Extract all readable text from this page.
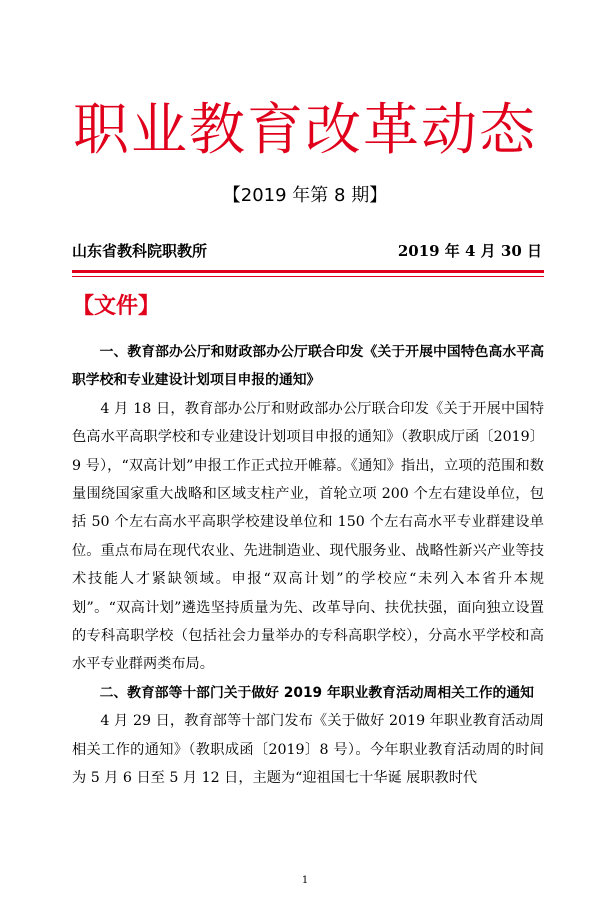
职业教育改革动态
【2019 年第 8 期】
山东省教科院职教所	2019 年 4 月 30 日
【文件】

一、教育部办公厅和财政部办公厅联合印发《关于开展中国特色高水平高职学校和专业建设计划项目申报的通知》

4 月 18 日，教育部办公厅和财政部办公厅联合印发《关于开展中国特色高水平高职学校和专业建设计划项目申报的通知》（教职成厅函〔2019〕9 号），“双高计划”申报工作正式拉开帷幕。《通知》指出，立项的范围和数量围绕国家重大战略和区域支柱产业，首轮立项 200 个左右建设单位，包括 50 个左右高水平高职学校建设单位和 150 个左右高水平专业群建设单位。重点布局在现代农业、先进制造业、现代服务业、战略性新兴产业等技术技能人才紧缺领域。申报“双高计划”的学校应“未列入本省升本规划”。“双高计划”遴选坚持质量为先、改革导向、扶优扶强，面向独立设置的专科高职学校（包括社会力量举办的专科高职学校），分高水平学校和高水平专业群两类布局。

二、教育部等十部门关于做好 2019 年职业教育活动周相关工作的通知

4 月 29 日，教育部等十部门发布《关于做好 2019 年职业教育活动周相关工作的通知》（教职成函〔2019〕8 号）。今年职业教育活动周的时间为 5 月 6 日至 5 月 12 日，主题为“迎祖国七十华诞 展职教时代

1
